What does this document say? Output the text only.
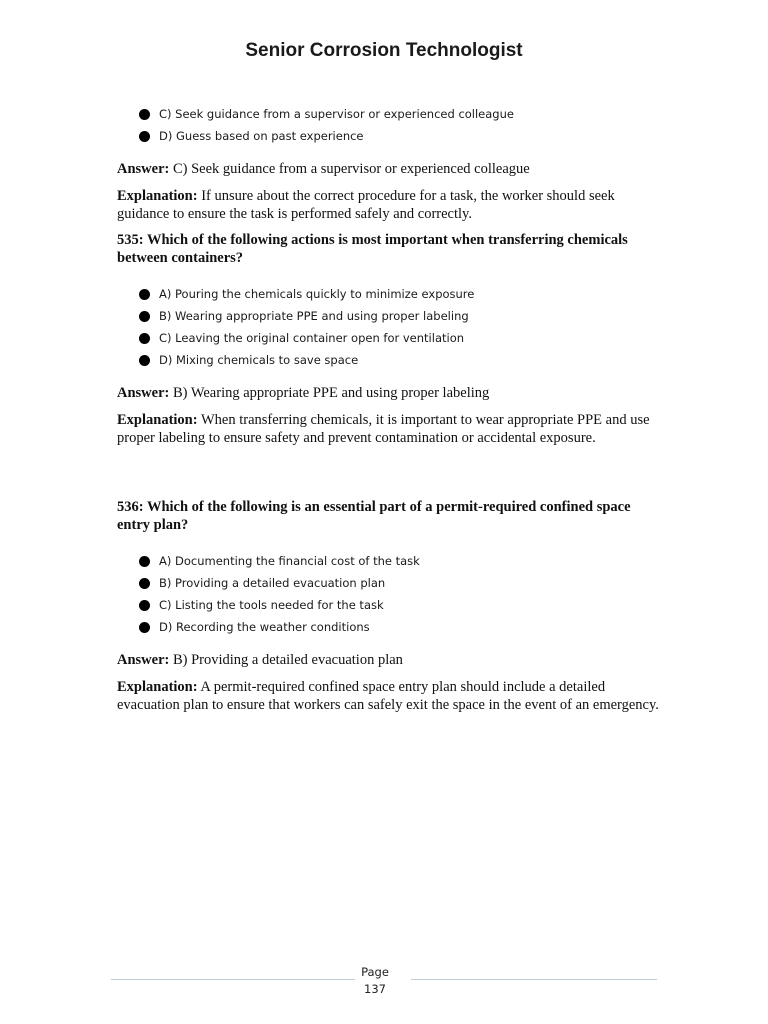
Senior Corrosion Technologist
C) Seek guidance from a supervisor or experienced colleague
D) Guess based on past experience
Answer: C) Seek guidance from a supervisor or experienced colleague
Explanation: If unsure about the correct procedure for a task, the worker should seek guidance to ensure the task is performed safely and correctly.
535: Which of the following actions is most important when transferring chemicals between containers?
A) Pouring the chemicals quickly to minimize exposure
B) Wearing appropriate PPE and using proper labeling
C) Leaving the original container open for ventilation
D) Mixing chemicals to save space
Answer: B) Wearing appropriate PPE and using proper labeling
Explanation: When transferring chemicals, it is important to wear appropriate PPE and use proper labeling to ensure safety and prevent contamination or accidental exposure.
536: Which of the following is an essential part of a permit-required confined space entry plan?
A) Documenting the financial cost of the task
B) Providing a detailed evacuation plan
C) Listing the tools needed for the task
D) Recording the weather conditions
Answer: B) Providing a detailed evacuation plan
Explanation: A permit-required confined space entry plan should include a detailed evacuation plan to ensure that workers can safely exit the space in the event of an emergency.
Page
137
